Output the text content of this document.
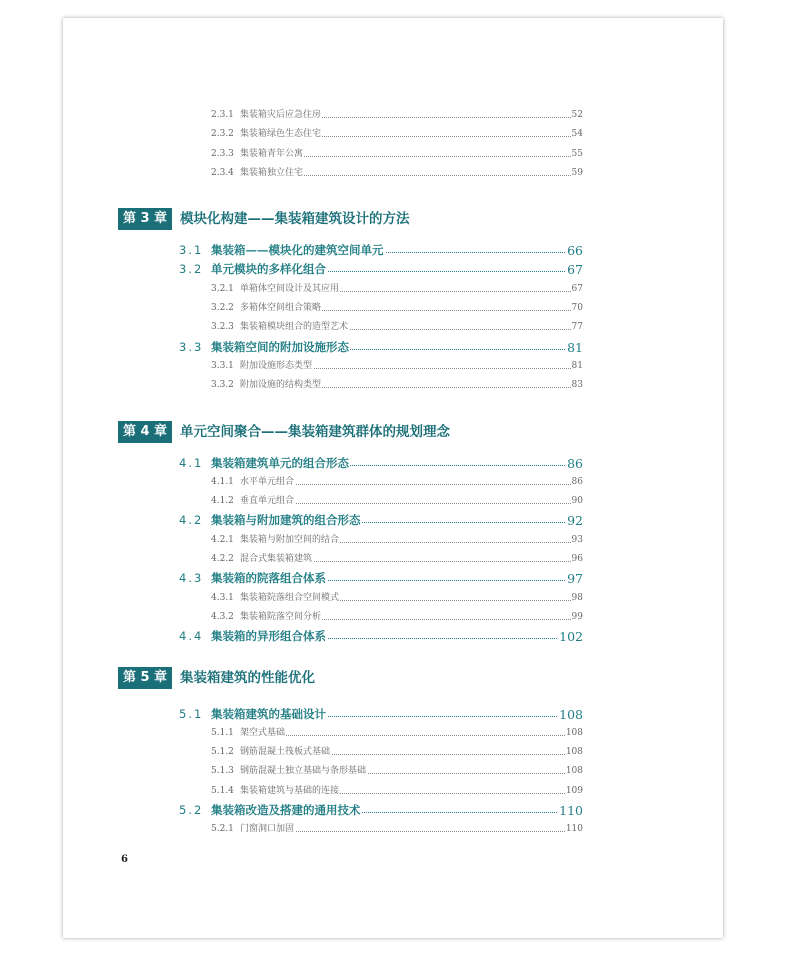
2.3.1 集装箱灾后应急住房	52
2.3.2 集装箱绿色生态住宅	54
2.3.3 集装箱青年公寓	55
2.3.4 集装箱独立住宅	59
第 3 章 模块化构建——集装箱建筑设计的方法
3.1 集装箱——模块化的建筑空间单元	66
3.2 单元模块的多样化组合	67
3.2.1 单箱体空间设计及其应用	67
3.2.2 多箱体空间组合策略	70
3.2.3 集装箱模块组合的造型艺术	77
3.3 集装箱空间的附加设施形态	81
3.3.1 附加设施形态类型	81
3.3.2 附加设施的结构类型	83
第 4 章 单元空间聚合——集装箱建筑群体的规划理念
4.1 集装箱建筑单元的组合形态	86
4.1.1 水平单元组合	86
4.1.2 垂直单元组合	90
4.2 集装箱与附加建筑的组合形态	92
4.2.1 集装箱与附加空间的结合	93
4.2.2 混合式集装箱建筑	96
4.3 集装箱的院落组合体系	97
4.3.1 集装箱院落组合空间模式	98
4.3.2 集装箱院落空间分析	99
4.4 集装箱的异形组合体系	102
第 5 章 集装箱建筑的性能优化
5.1 集装箱建筑的基础设计	108
5.1.1 架空式基础	108
5.1.2 钢筋混凝土筏板式基础	108
5.1.3 钢筋混凝土独立基础与条形基础	108
5.1.4 集装箱建筑与基础的连接	109
5.2 集装箱改造及搭建的通用技术	110
5.2.1 门窗洞口加固	110
6
